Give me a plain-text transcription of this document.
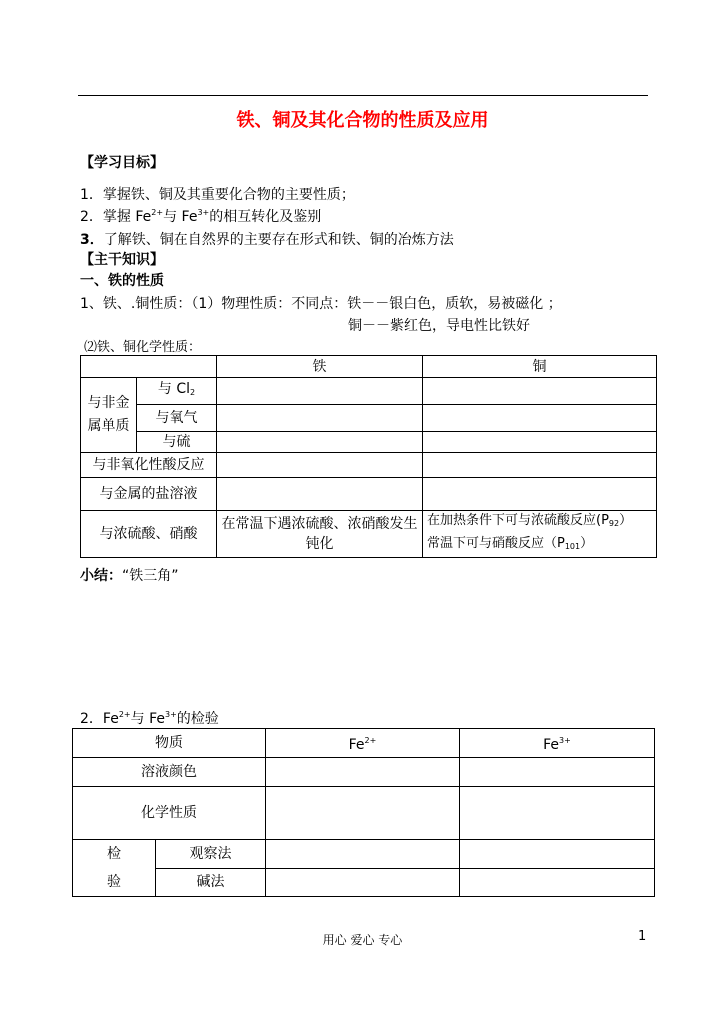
铁、铜及其化合物的性质及应用
【学习目标】
1．掌握铁、铜及其重要化合物的主要性质；
2．掌握 $Fe^{2+}$与 $Fe^{3+}$的相互转化及鉴别
3．了解铁、铜在自然界的主要存在形式和铁、铜的冶炼方法
【主干知识】
一、铁的性质
1、铁、.铜性质：（1）物理性质：不同点：铁－－银白色，质软，易被磁化 ；
铜－－紫红色，导电性比铁好
⑵铁、铜化学性质：
		铁	铜

与非金属单质	与 $Cl_2$		
	与氧气		
	与硫		
与非氧化性酸反应			
与金属的盐溶液			
与浓硫酸、硝酸		在常温下遇浓硫酸、浓硝酸发生钝化	在加热条件下可与浓硫酸反应$(P_{92})$
常温下可与硝酸反应$(P_{101})$
小结：“铁三角”
2．$Fe^{2+}$与 $Fe^{3+}$的检验
物质		$Fe^{2+}$	$Fe^{3+}$
溶液颜色			
化学性质			

检
验	观察法		
	碱法		
用心 爱心 专心	1
